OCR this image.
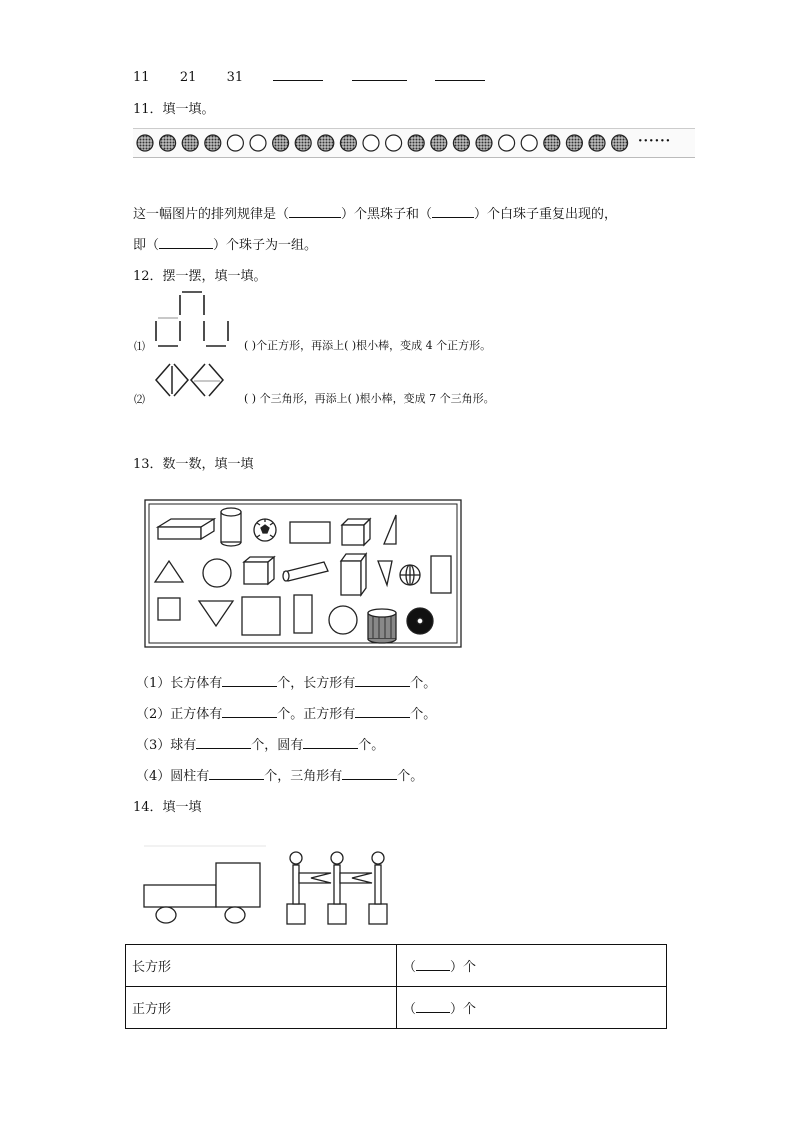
11 21 31
11．填一填。
······
这一幅图片的排列规律是（	）个黑珠子和（	）个白珠子重复出现的，
即（	）个珠子为一组。
12．摆一摆，填一填。
⑴	( )个正方形，再添上( )根小棒，变成 4 个正方形。
⑵	( ) 个三角形，再添上( )根小棒，变成 7 个三角形。
13．数一数，填一填
（1）长方体有	个，长方形有	个。
（2）正方体有	个。正方形有	个。
（3）球有	个，圆有	个。
（4）圆柱有	个，三角形有	个。
14．填一填
长方形	（ ）个
正方形	（ ）个
